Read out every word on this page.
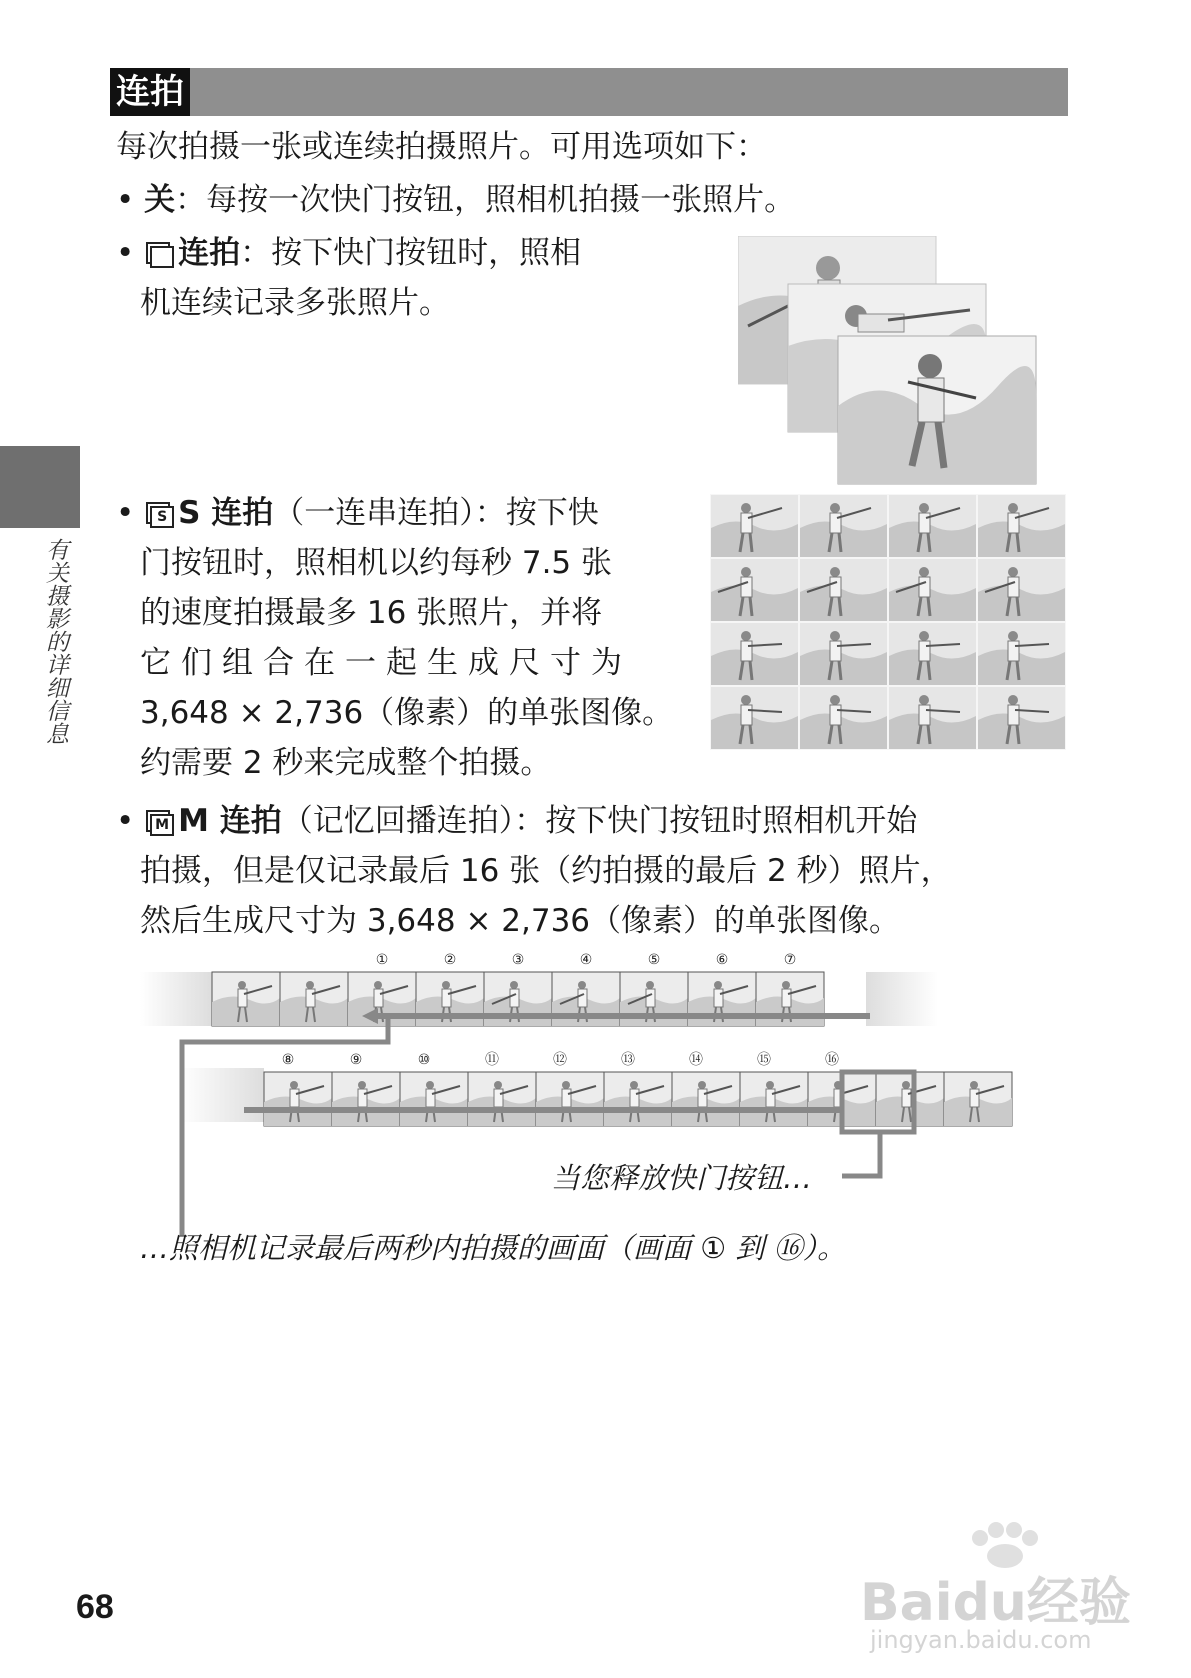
连拍
每次拍摄一张或连续拍摄照片。可用选项如下：
• 关：每按一次快门按钮，照相机拍摄一张照片。
•
连拍：按下快门按钮时，照相
机连续记录多张照片。
有关摄影的详细信息
• S S 连拍（一连串连拍）：按下快
门按钮时，照相机以约每秒 7.5 张
的速度拍摄最多 16 张照片，并将
它们组合在一起生成尺寸为
3,648 × 2,736（像素）的单张图像。
约需要 2 秒来完成整个拍摄。
• M M 连拍（记忆回播连拍）：按下快门按钮时照相机开始
拍摄，但是仅记录最后 16 张（约拍摄的最后 2 秒）照片，
然后生成尺寸为 3,648 × 2,736（像素）的单张图像。
①	②	③	④	⑤	⑥	⑦
⑧	⑨	⑩	⑪	⑫	⑬	⑭	⑮	⑯
当您释放快门按钮…
…照相机记录最后两秒内拍摄的画面（画面 ① 到 ⑯）。
Baidu经验
jingyan.baidu.com
68
